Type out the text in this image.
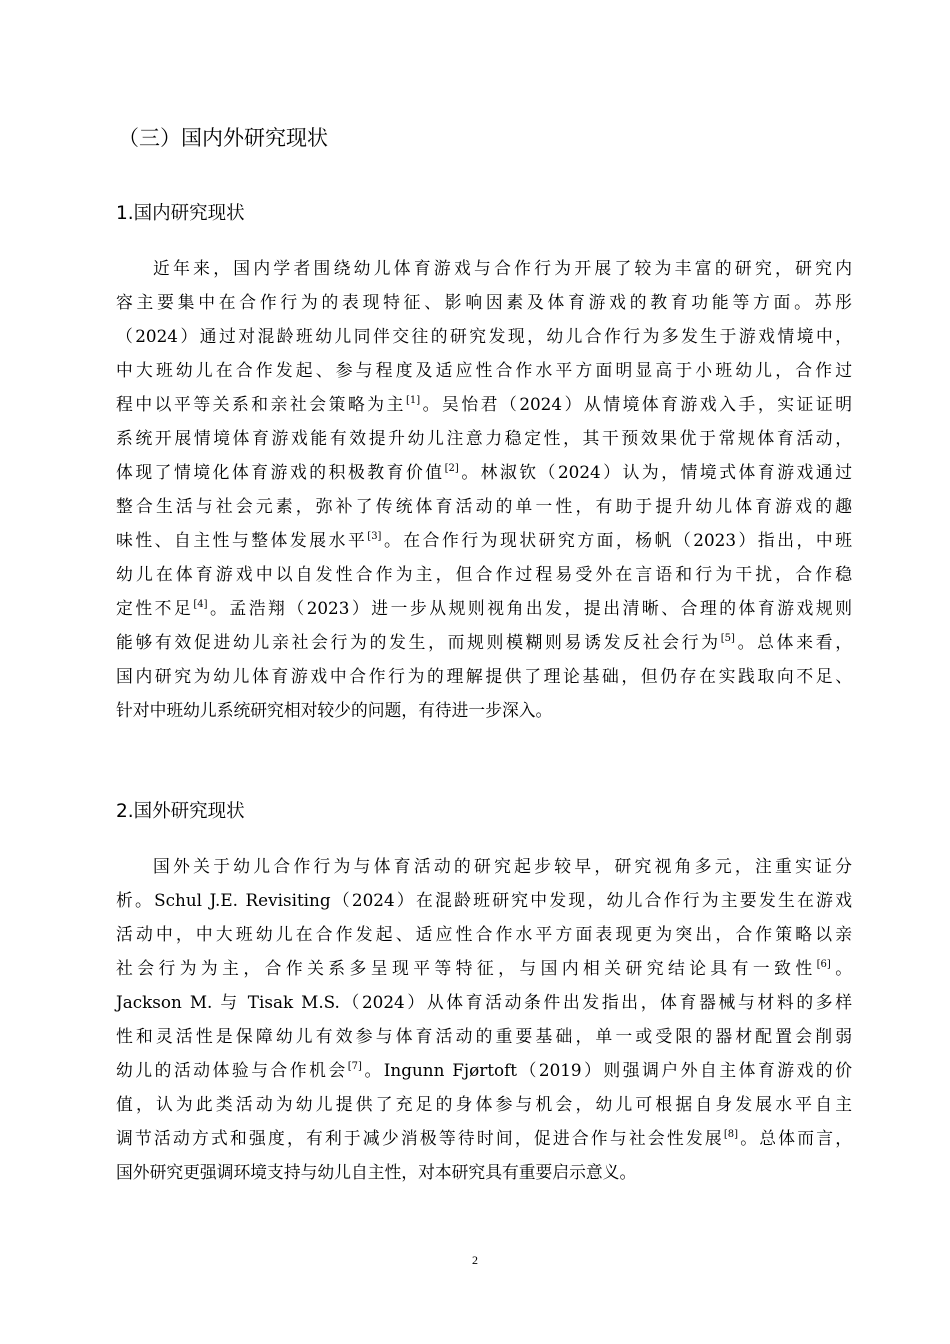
（三）国内外研究现状
1.国内研究现状
近年来，国内学者围绕幼儿体育游戏与合作行为开展了较为丰富的研究，研究内
容主要集中在合作行为的表现特征、影响因素及体育游戏的教育功能等方面。苏彤
（2024）通过对混龄班幼儿同伴交往的研究发现，幼儿合作行为多发生于游戏情境中，
中大班幼儿在合作发起、参与程度及适应性合作水平方面明显高于小班幼儿，合作过
程中以平等关系和亲社会策略为主[1]。吴怡君（2024）从情境体育游戏入手，实证证明
系统开展情境体育游戏能有效提升幼儿注意力稳定性，其干预效果优于常规体育活动，
体现了情境化体育游戏的积极教育价值[2]。林淑钦（2024）认为，情境式体育游戏通过
整合生活与社会元素，弥补了传统体育活动的单一性，有助于提升幼儿体育游戏的趣
味性、自主性与整体发展水平[3]。在合作行为现状研究方面，杨帆（2023）指出，中班
幼儿在体育游戏中以自发性合作为主，但合作过程易受外在言语和行为干扰，合作稳
定性不足[4]。孟浩翔（2023）进一步从规则视角出发，提出清晰、合理的体育游戏规则
能够有效促进幼儿亲社会行为的发生，而规则模糊则易诱发反社会行为[5]。总体来看，
国内研究为幼儿体育游戏中合作行为的理解提供了理论基础，但仍存在实践取向不足、
针对中班幼儿系统研究相对较少的问题，有待进一步深入。
2.国外研究现状
国外关于幼儿合作行为与体育活动的研究起步较早，研究视角多元，注重实证分
析。Schul J.E. Revisiting（2024）在混龄班研究中发现，幼儿合作行为主要发生在游戏
活动中，中大班幼儿在合作发起、适应性合作水平方面表现更为突出，合作策略以亲
社会行为为主，合作关系多呈现平等特征，与国内相关研究结论具有一致性[6]。
Jackson M. 与 Tisak M.S.（2024）从体育活动条件出发指出，体育器械与材料的多样
性和灵活性是保障幼儿有效参与体育活动的重要基础，单一或受限的器材配置会削弱
幼儿的活动体验与合作机会[7]。Ingunn Fjørtoft（2019）则强调户外自主体育游戏的价
值，认为此类活动为幼儿提供了充足的身体参与机会，幼儿可根据自身发展水平自主
调节活动方式和强度，有利于减少消极等待时间，促进合作与社会性发展[8]。总体而言，
国外研究更强调环境支持与幼儿自主性，对本研究具有重要启示意义。
2
